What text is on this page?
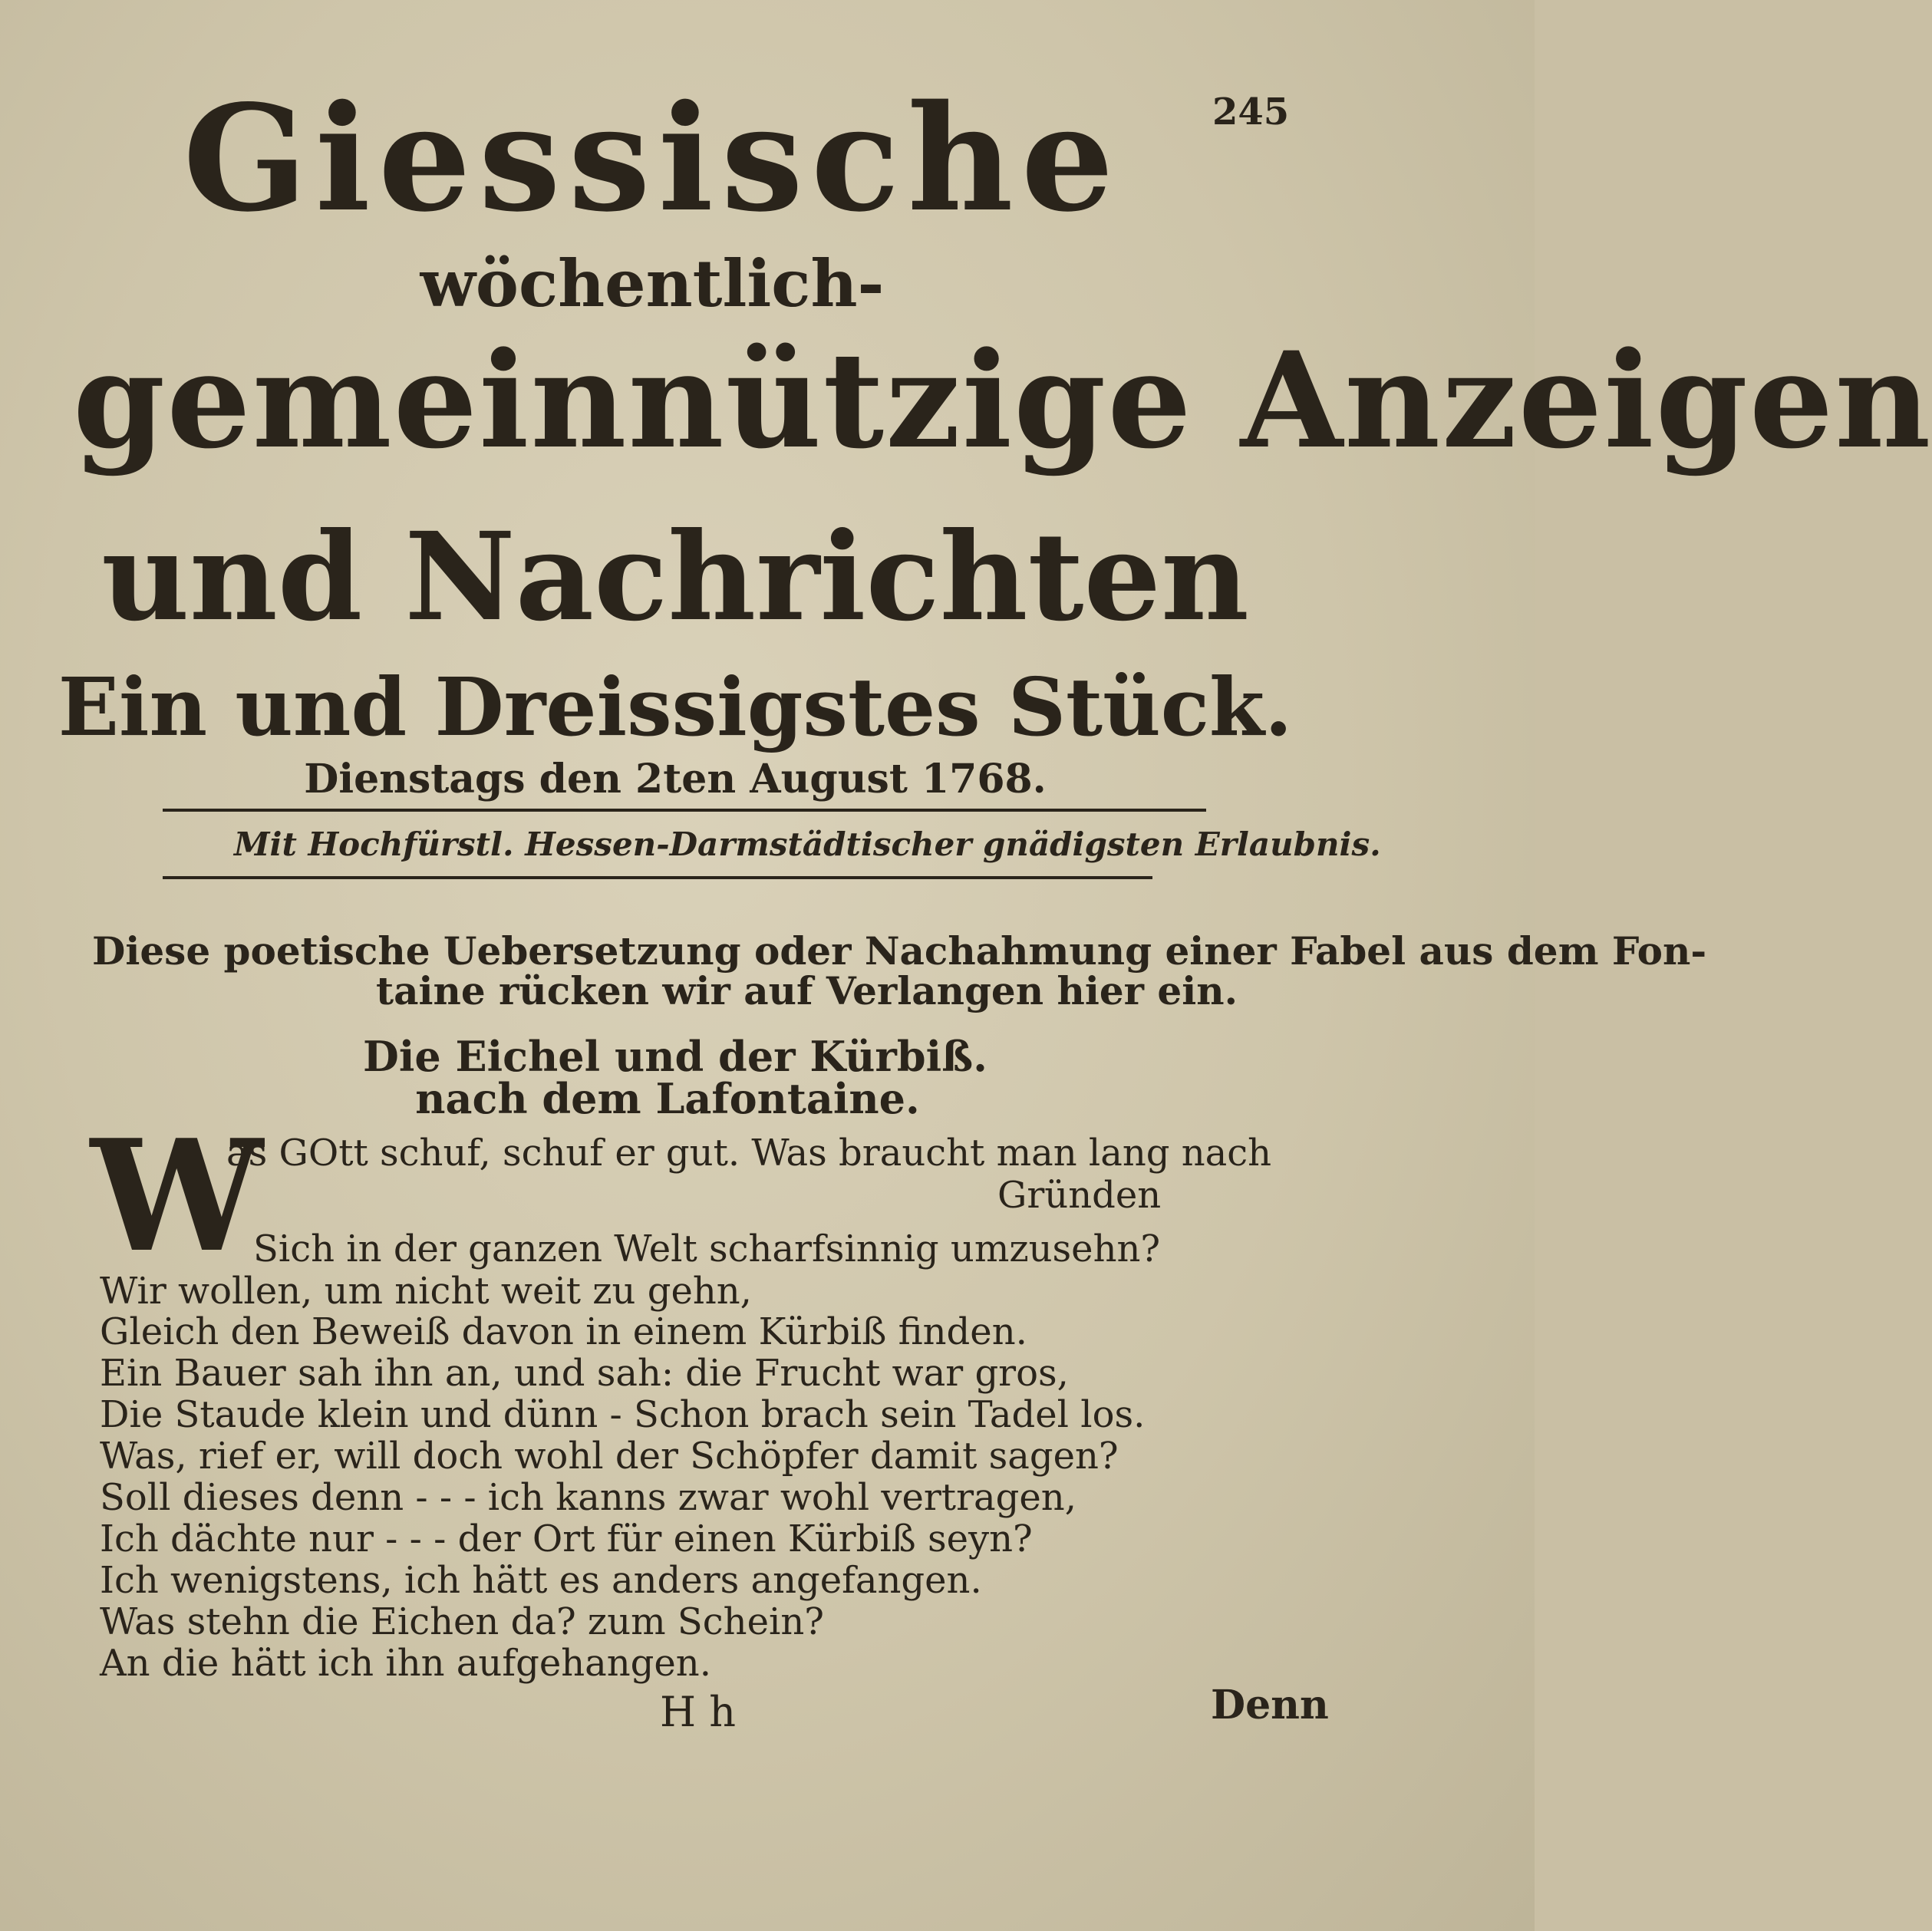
245
Giessische
wöchentlich-
gemeinnützige Anzeigen
und Nachrichten
Ein und Dreissigstes Stück.
Dienstags den 2ten August 1768.
Mit Hochfürstl. Hessen-Darmstädtischer gnädigsten Erlaubnis.
Diese poetische Uebersetzung oder Nachahmung einer Fabel aus dem Fon-
taine rücken wir auf Verlangen hier ein.
Die Eichel und der Kürbiß.
nach dem Lafontaine.
W
as GOtt schuf, schuf er gut. Was braucht man lang nach
Gründen
Sich in der ganzen Welt scharfsinnig umzusehn?
Wir wollen, um nicht weit zu gehn,
Gleich den Beweiß davon in einem Kürbiß finden.
Ein Bauer sah ihn an, und sah: die Frucht war gros,
Die Staude klein und dünn - Schon brach sein Tadel los.
Was, rief er, will doch wohl der Schöpfer damit sagen?
Soll dieses denn - - - ich kanns zwar wohl vertragen,
Ich dächte nur - - - der Ort für einen Kürbiß seyn?
Ich wenigstens, ich hätt es anders angefangen.
Was stehn die Eichen da? zum Schein?
An die hätt ich ihn aufgehangen.
H h	Denn
